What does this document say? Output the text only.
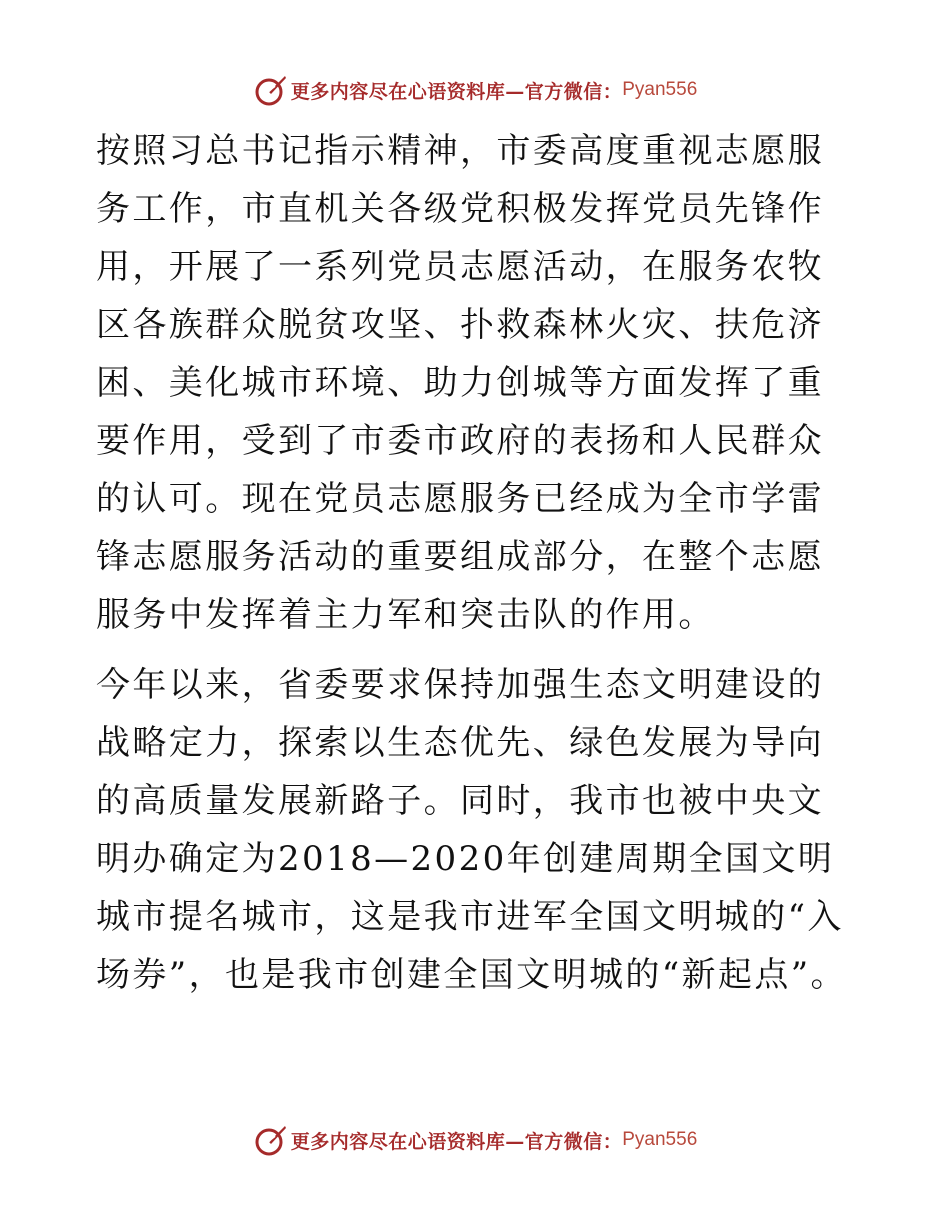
更多内容尽在心语资料库—官方微信： Pyan556

按照习总书记指示精神，市委高度重视志愿服务工作，市直机关各级党积极发挥党员先锋作用，开展了一系列党员志愿活动，在服务农牧区各族群众脱贫攻坚、扑救森林火灾、扶危济困、美化城市环境、助力创城等方面发挥了重要作用，受到了市委市政府的表扬和人民群众的认可。现在党员志愿服务已经成为全市学雷锋志愿服务活动的重要组成部分，在整个志愿服务中发挥着主力军和突击队的作用。

今年以来，省委要求保持加强生态文明建设的战略定力，探索以生态优先、绿色发展为导向的高质量发展新路子。同时，我市也被中央文明办确定为2018—2020年创建周期全国文明城市提名城市，这是我市进军全国文明城的“入场券”，也是我市创建全国文明城的“新起点”。

更多内容尽在心语资料库—官方微信： Pyan556
